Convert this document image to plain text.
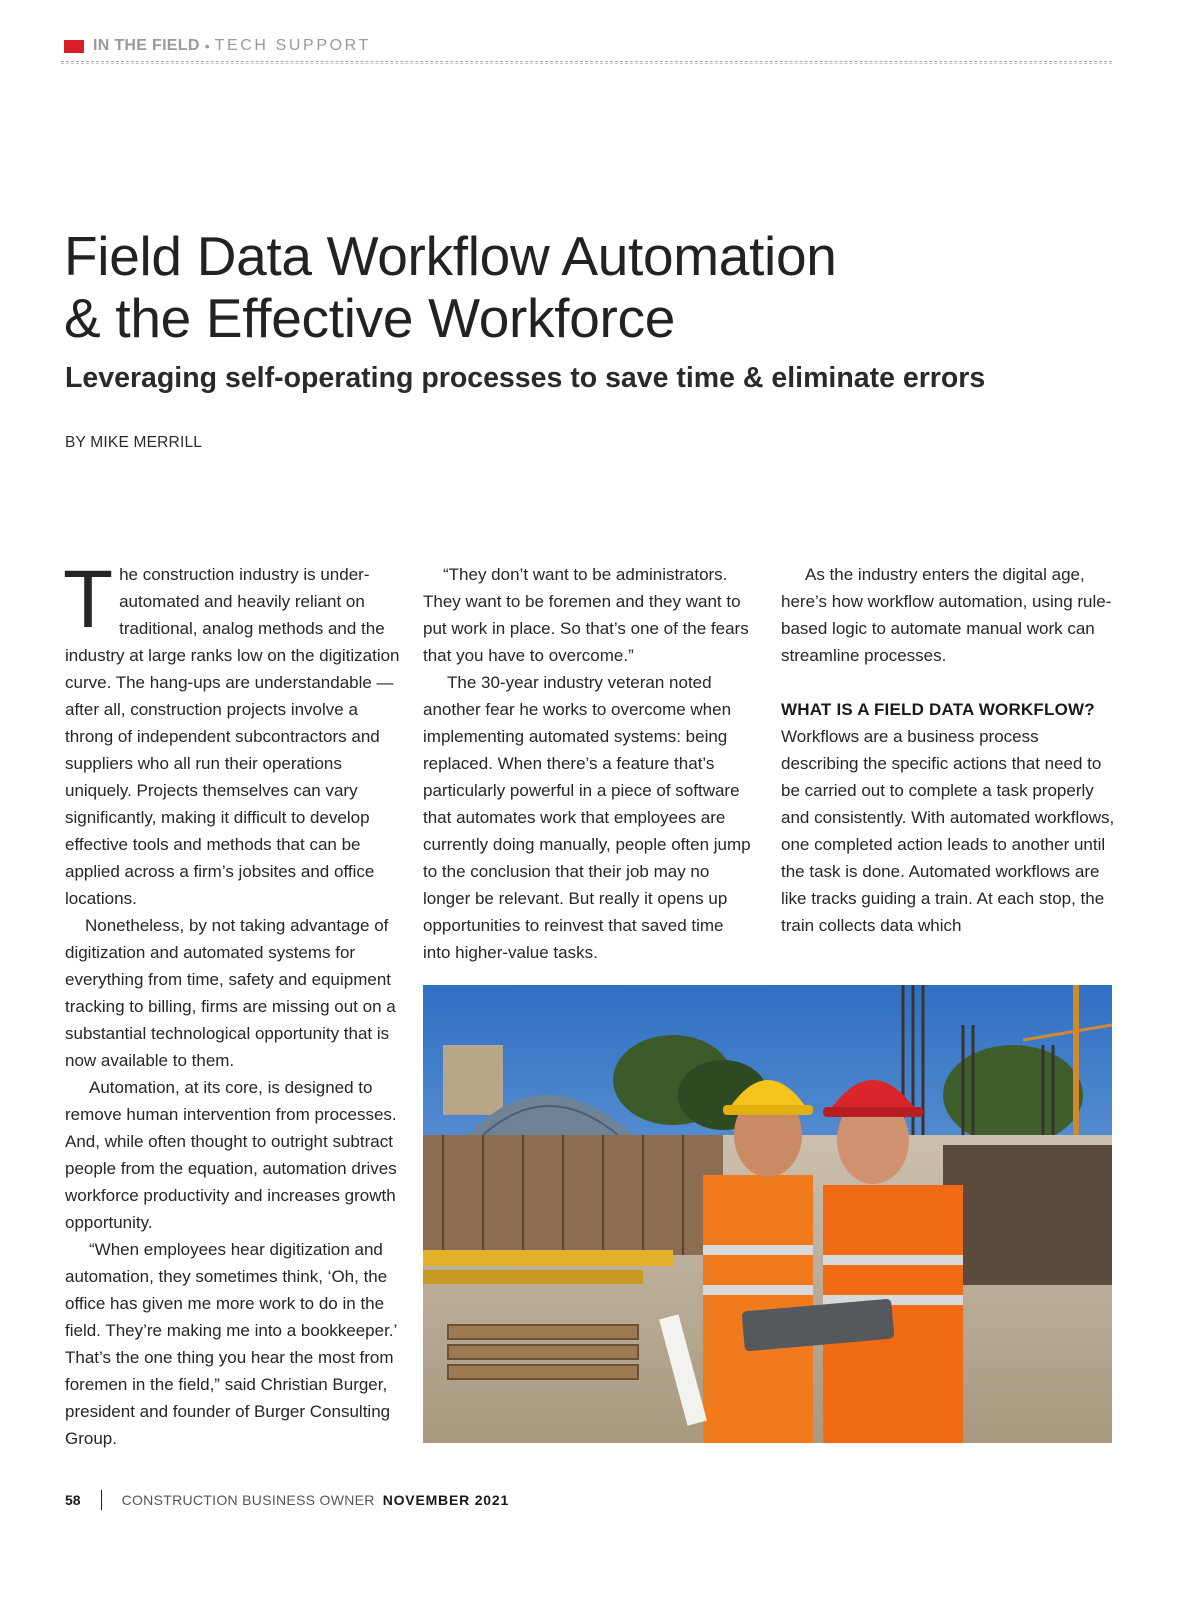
IN THE FIELD • TECH SUPPORT
Field Data Workflow Automation
& the Effective Workforce
Leveraging self-operating processes to save time & eliminate errors
BY MIKE MERRILL

The construction industry is under-automated and heavily reliant on traditional, analog methods and the industry at large ranks low on the digitization curve. The hang-ups are understandable — after all, construction projects involve a throng of independent subcontractors and suppliers who all run their operations uniquely. Projects themselves can vary significantly, making it difficult to develop effective tools and methods that can be applied across a firm’s jobsites and office locations.

Nonetheless, by not taking advantage of digitization and automated systems for everything from time, safety and equipment tracking to billing, firms are missing out on a substantial technological opportunity that is now available to them.

Automation, at its core, is designed to remove human intervention from processes. And, while often thought to outright subtract people from the equation, automation drives workforce productivity and increases growth opportunity.

“When employees hear digitization and automation, they sometimes think, ‘Oh, the office has given me more work to do in the field. They’re making me into a bookkeeper.’ That’s the one thing you hear the most from foremen in the field,” said Christian Burger, president and founder of Burger Consulting Group.

“They don’t want to be administrators. They want to be foremen and they want to put work in place. So that’s one of the fears that you have to overcome.”

The 30-year industry veteran noted another fear he works to overcome when implementing automated systems: being replaced. When there’s a feature that’s particularly powerful in a piece of software that automates work that employees are currently doing manually, people often jump to the conclusion that their job may no longer be relevant. But really it opens up opportunities to reinvest that saved time into higher-value tasks.

As the industry enters the digital age, here’s how workflow automation, using rule-based logic to automate manual work can streamline processes.

WHAT IS A FIELD DATA WORKFLOW?

Workflows are a business process describing the specific actions that need to be carried out to complete a task properly and consistently. With automated workflows, one completed action leads to another until the task is done. Automated workflows are like tracks guiding a train. At each stop, the train collects data which

58	CONSTRUCTION BUSINESS OWNER NOVEMBER 2021
